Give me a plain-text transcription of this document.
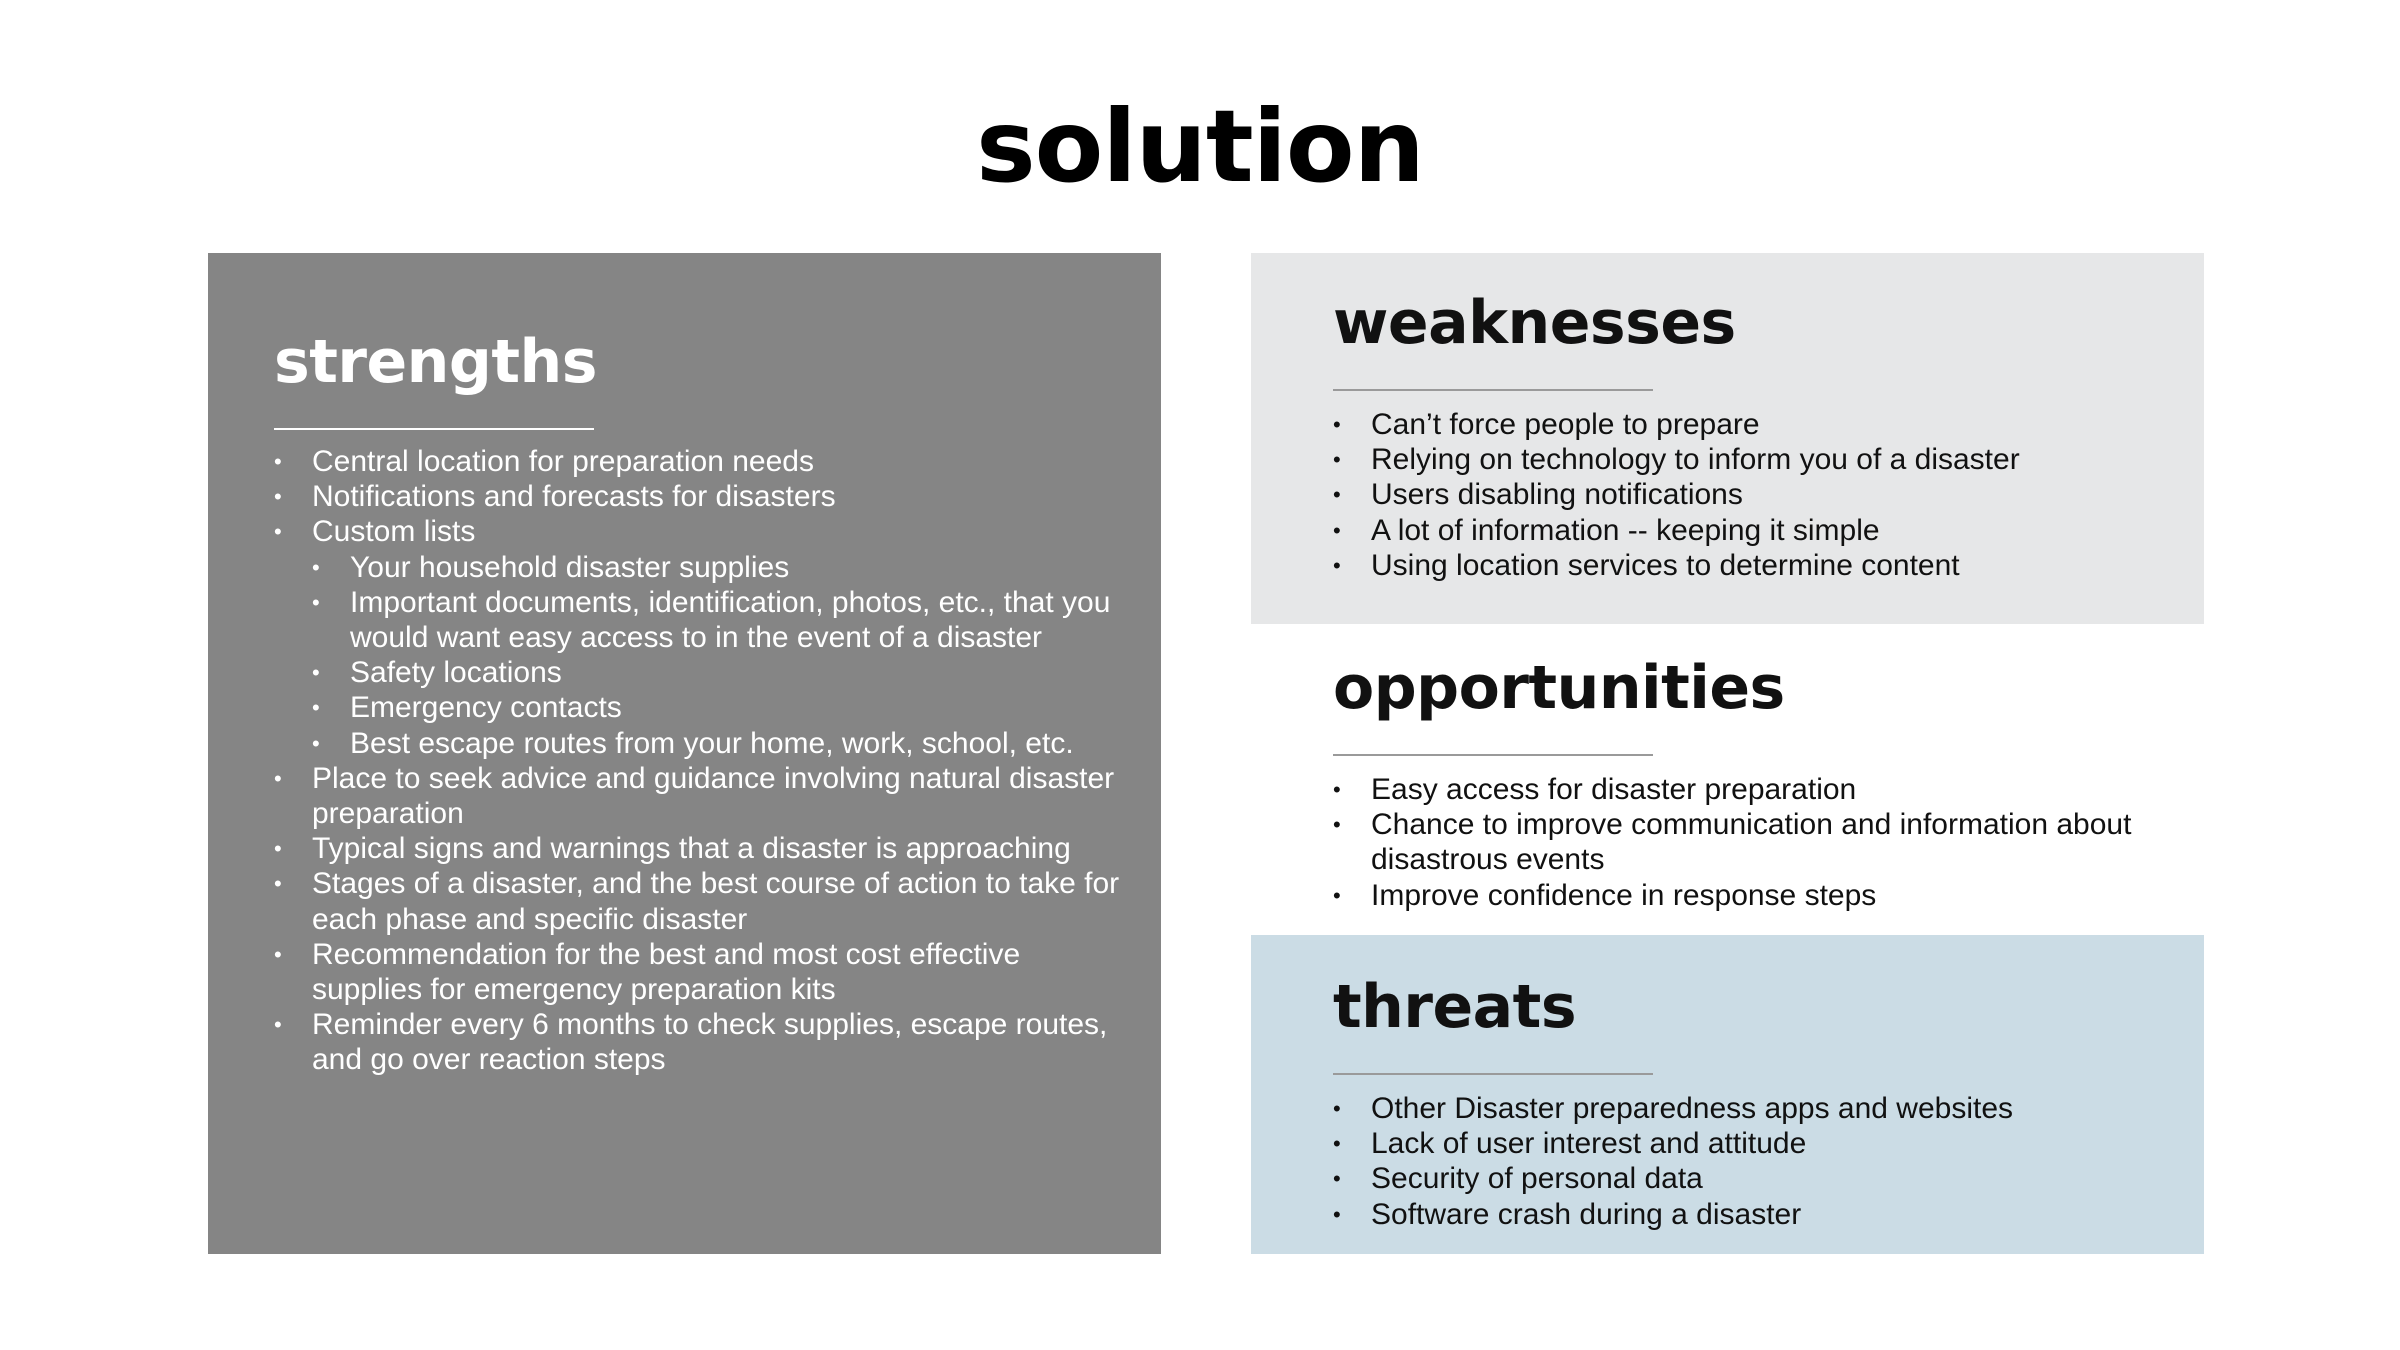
solution
strengths
• Central location for preparation needs
• Notifications and forecasts for disasters
• Custom lists
• Your household disaster supplies
• Important documents, identification, photos, etc., that you would want easy access to in the event of a disaster
• Safety locations
• Emergency contacts
• Best escape routes from your home, work, school, etc.
• Place to seek advice and guidance involving natural disaster preparation
• Typical signs and warnings that a disaster is approaching
• Stages of a disaster, and the best course of action to take for each phase and specific disaster
• Recommendation for the best and most cost effective supplies for emergency preparation kits
• Reminder every 6 months to check supplies, escape routes, and go over reaction steps
weaknesses
• Can’t force people to prepare
• Relying on technology to inform you of a disaster
• Users disabling notifications
• A lot of information -- keeping it simple
• Using location services to determine content
opportunities
• Easy access for disaster preparation
• Chance to improve communication and information about disastrous events
• Improve confidence in response steps
threats
• Other Disaster preparedness apps and websites
• Lack of user interest and attitude
• Security of personal data
• Software crash during a disaster
